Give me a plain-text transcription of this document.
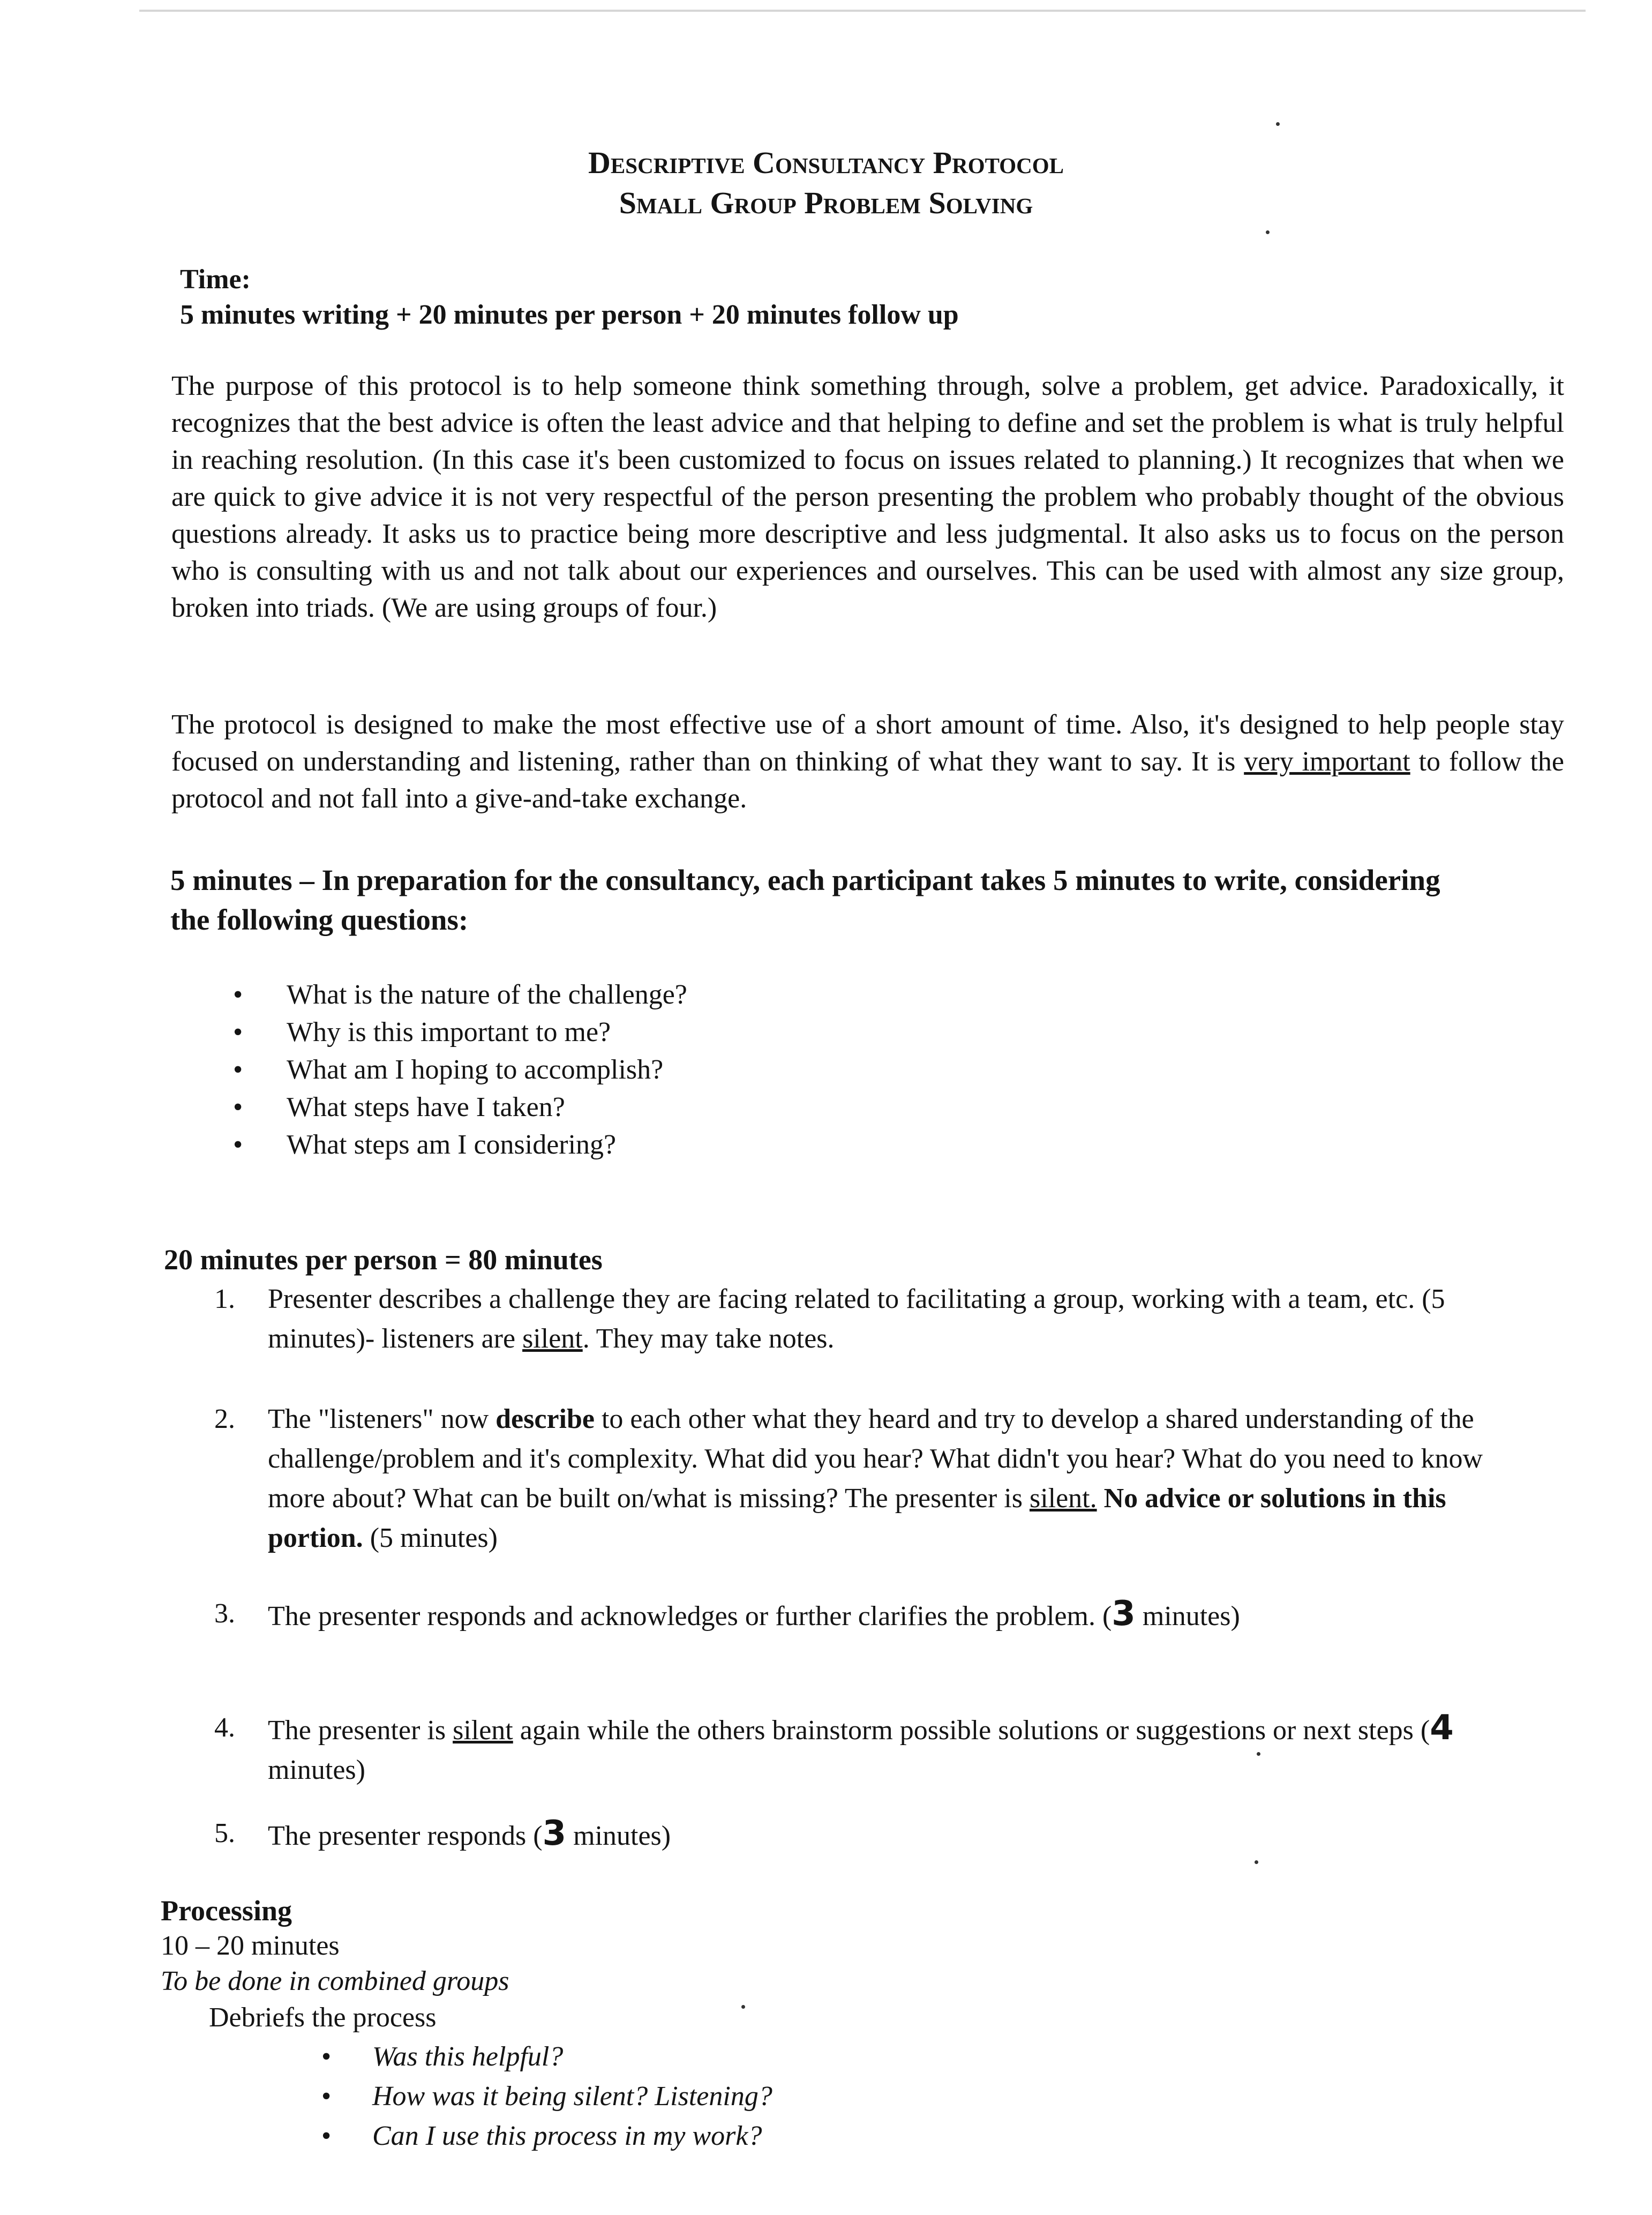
Descriptive Consultancy Protocol
Small Group Problem Solving
Time:
5 minutes writing + 20 minutes per person + 20 minutes follow up

The purpose of this protocol is to help someone think something through, solve a problem, get advice. Paradoxically, it recognizes that the best advice is often the least advice and that helping to define and set the problem is what is truly helpful in reaching resolution. (In this case it's been customized to focus on issues related to planning.) It recognizes that when we are quick to give advice it is not very respectful of the person presenting the problem who probably thought of the obvious questions already. It asks us to practice being more descriptive and less judgmental. It also asks us to focus on the person who is consulting with us and not talk about our experiences and ourselves. This can be used with almost any size group, broken into triads. (We are using groups of four.)

The protocol is designed to make the most effective use of a short amount of time. Also, it's designed to help people stay focused on understanding and listening, rather than on thinking of what they want to say. It is very important to follow the protocol and not fall into a give-and-take exchange.

5 minutes – In preparation for the consultancy, each participant takes 5 minutes to write, considering the following questions:

• What is the nature of the challenge?
• Why is this important to me?
• What am I hoping to accomplish?
• What steps have I taken?
• What steps am I considering?
20 minutes per person = 80 minutes
1.	Presenter describes a challenge they are facing related to facilitating a group, working with a team, etc. (5 minutes)- listeners are silent. They may take notes.
2.	The "listeners" now describe to each other what they heard and try to develop a shared understanding of the challenge/problem and it's complexity. What did you hear? What didn't you hear? What do you need to know more about? What can be built on/what is missing? The presenter is silent. No advice or solutions in this portion. (5 minutes)
3.	The presenter responds and acknowledges or further clarifies the problem. (3 minutes)
4.	The presenter is silent again while the others brainstorm possible solutions or suggestions or next steps (4 minutes)
5.	The presenter responds (3 minutes)
Processing
10 – 20 minutes
To be done in combined groups
Debriefs the process
• Was this helpful?
• How was it being silent? Listening?
• Can I use this process in my work?
